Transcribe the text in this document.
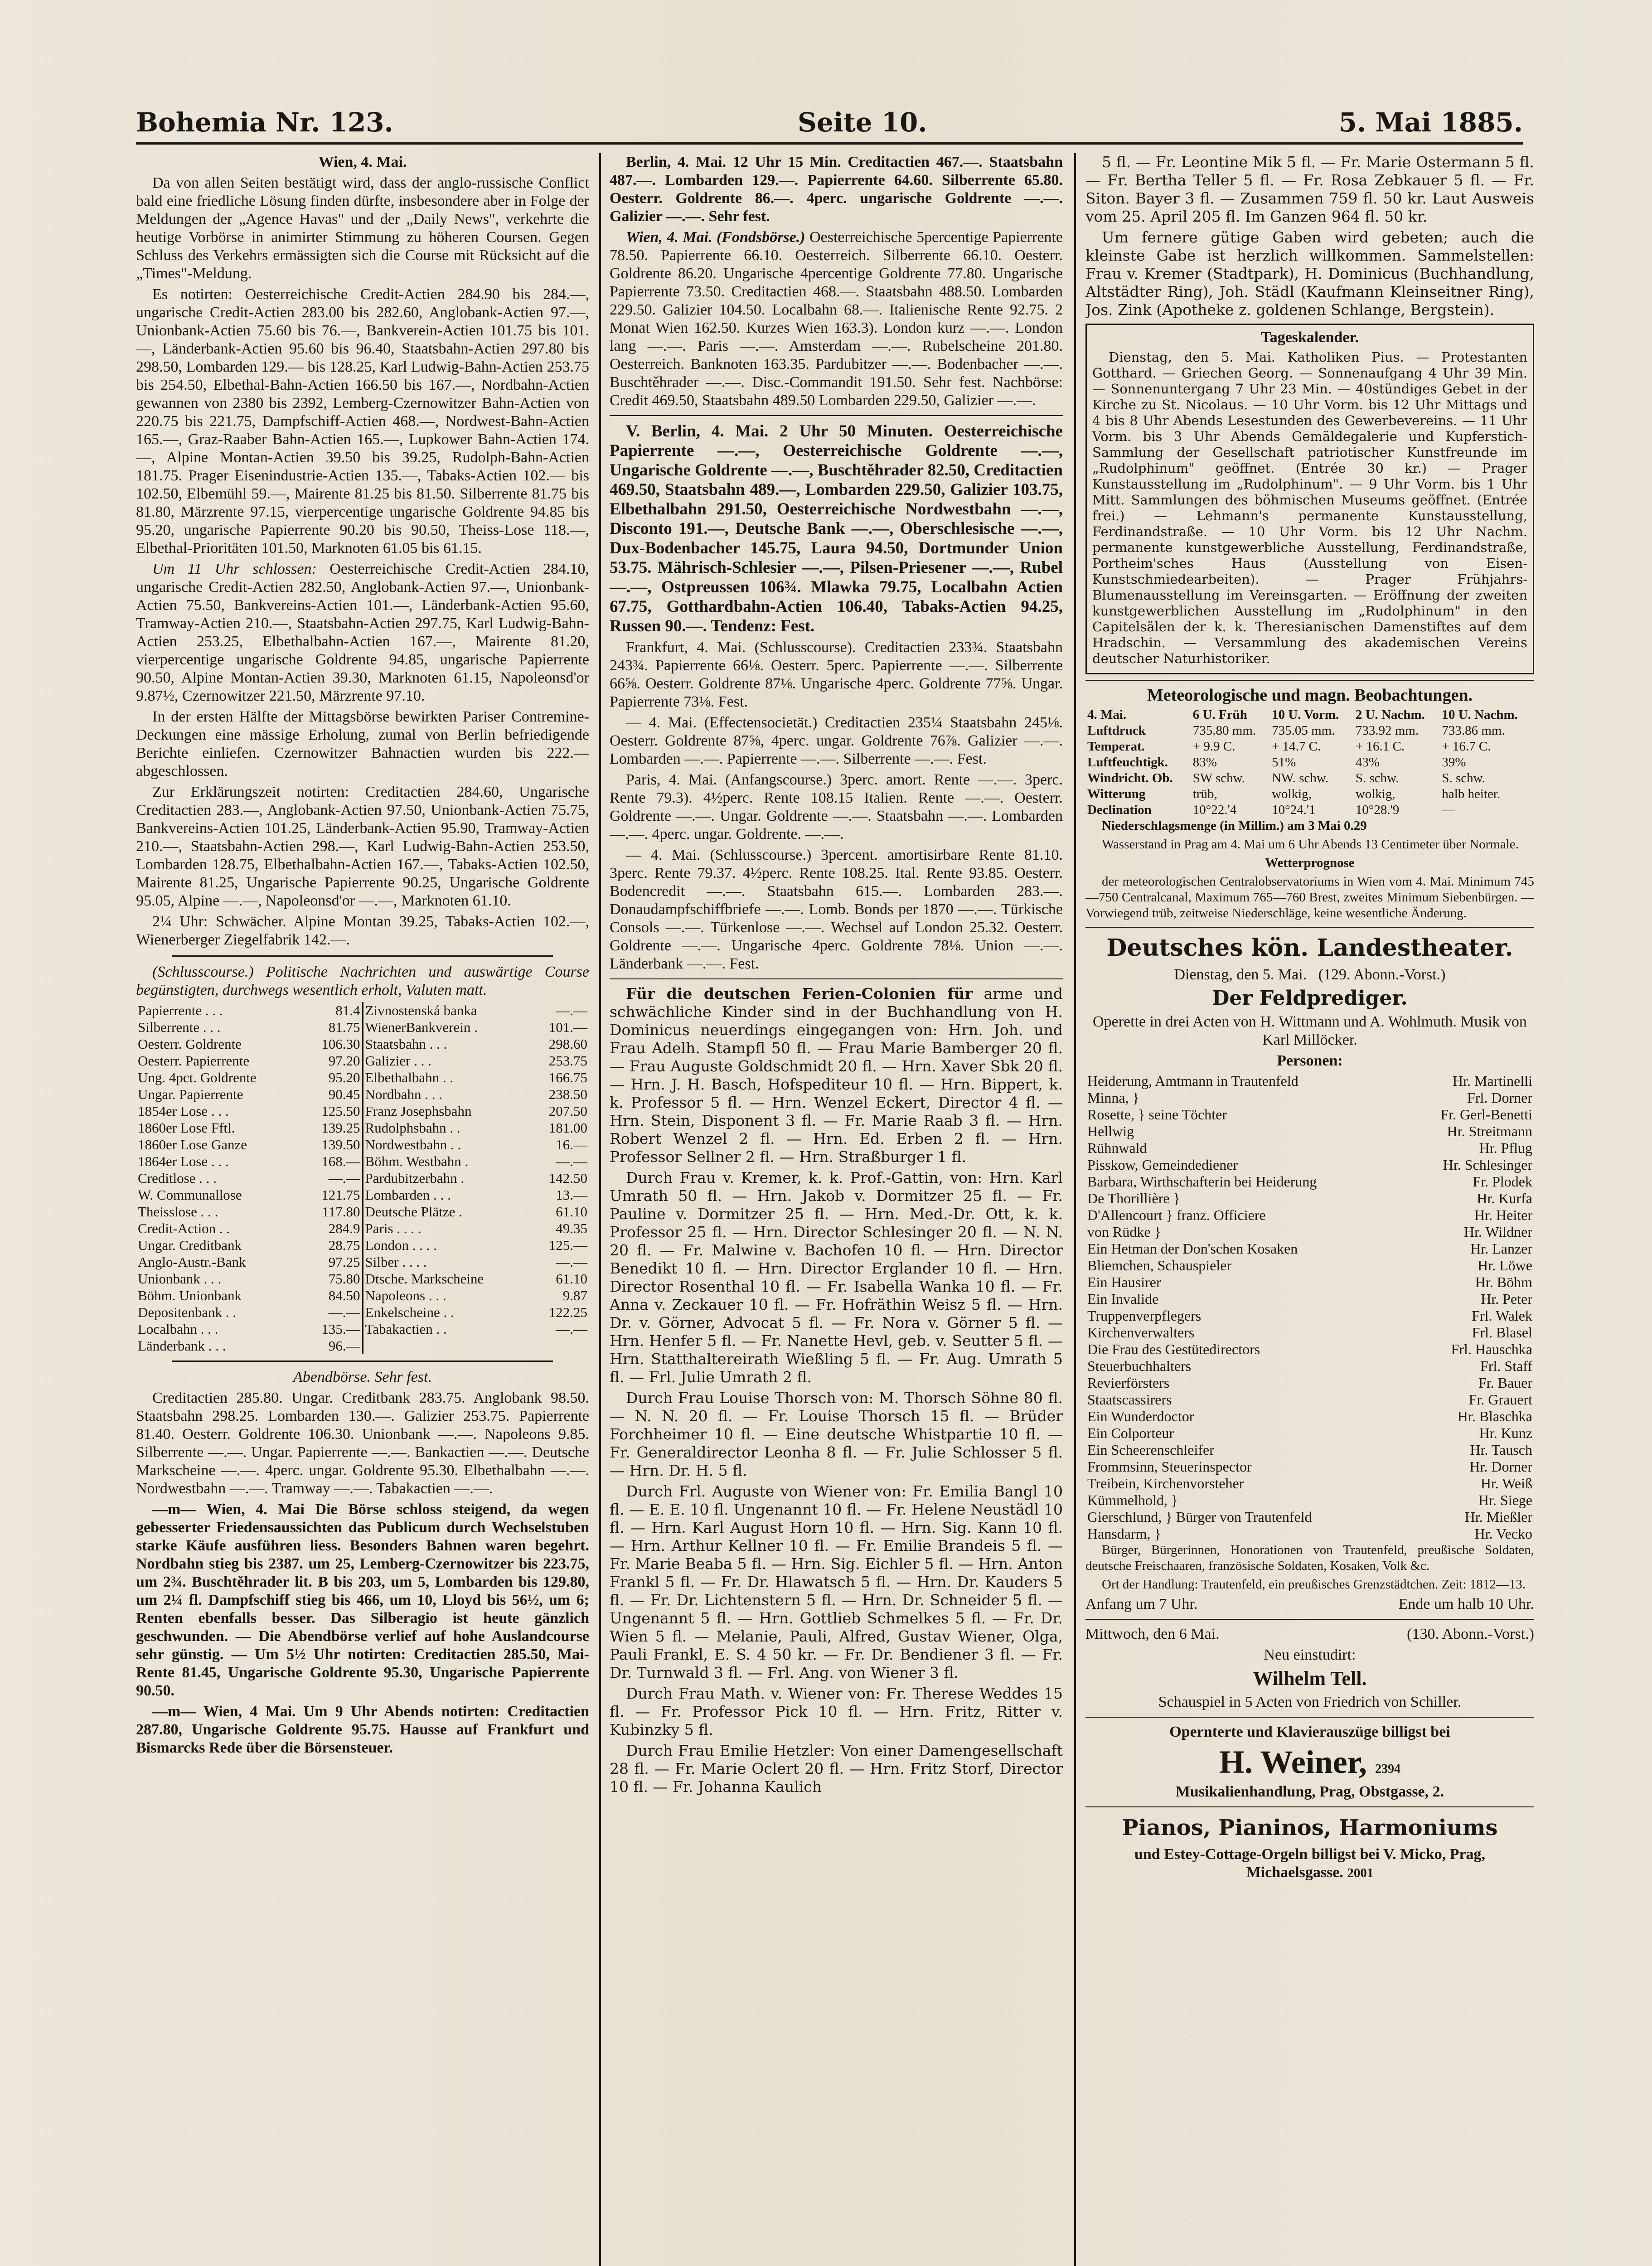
Bohemia Nr. 123.	Seite 10.	5. Mai 1885.

Wien, 4. Mai.

Da von allen Seiten bestätigt wird, dass der anglo-russische Conflict bald eine friedliche Lösung finden dürfte, insbesondere aber in Folge der Meldungen der „Agence Havas" und der „Daily News", verkehrte die heutige Vorbörse in animirter Stimmung zu höheren Coursen. Gegen Schluss des Verkehrs ermässigten sich die Course mit Rücksicht auf die „Times"-Meldung.

Es notirten: Oesterreichische Credit-Actien 284.90 bis 284.—, ungarische Credit-Actien 283.00 bis 282.60, Anglobank-Actien 97.—, Unionbank-Actien 75.60 bis 76.—, Bankverein-Actien 101.75 bis 101.—, Länderbank-Actien 95.60 bis 96.40, Staatsbahn-Actien 297.80 bis 298.50, Lombarden 129.— bis 128.25, Karl Ludwig-Bahn-Actien 253.75 bis 254.50, Elbethal-Bahn-Actien 166.50 bis 167.—, Nordbahn-Actien gewannen von 2380 bis 2392, Lemberg-Czernowitzer Bahn-Actien von 220.75 bis 221.75, Dampfschiff-Actien 468.—, Nordwest-Bahn-Actien 165.—, Graz-Raaber Bahn-Actien 165.—, Lupkower Bahn-Actien 174.—, Alpine Montan-Actien 39.50 bis 39.25, Rudolph-Bahn-Actien 181.75. Prager Eisenindustrie-Actien 135.—, Tabaks-Actien 102.— bis 102.50, Elbemühl 59.—, Mairente 81.25 bis 81.50. Silberrente 81.75 bis 81.80, Märzrente 97.15, vierpercentige ungarische Goldrente 94.85 bis 95.20, ungarische Papierrente 90.20 bis 90.50, Theiss-Lose 118.—, Elbethal-Prioritäten 101.50, Marknoten 61.05 bis 61.15.

Um 11 Uhr schlossen: Oesterreichische Credit-Actien 284.10, ungarische Credit-Actien 282.50, Anglobank-Actien 97.—, Unionbank-Actien 75.50, Bankvereins-Actien 101.—, Länderbank-Actien 95.60, Tramway-Actien 210.—, Staatsbahn-Actien 297.75, Karl Ludwig-Bahn-Actien 253.25, Elbethalbahn-Actien 167.—, Mairente 81.20, vierpercentige ungarische Goldrente 94.85, ungarische Papierrente 90.50, Alpine Montan-Actien 39.30, Marknoten 61.15, Napoleonsd'or 9.87½, Czernowitzer 221.50, Märzrente 97.10.

In der ersten Hälfte der Mittagsbörse bewirkten Pariser Contremine-Deckungen eine mässige Erholung, zumal von Berlin befriedigende Berichte einliefen. Czernowitzer Bahnactien wurden bis 222.— abgeschlossen.

Zur Erklärungszeit notirten: Creditactien 284.60, Ungarische Creditactien 283.—, Anglobank-Actien 97.50, Unionbank-Actien 75.75, Bankvereins-Actien 101.25, Länderbank-Actien 95.90, Tramway-Actien 210.—, Staatsbahn-Actien 298.—, Karl Ludwig-Bahn-Actien 253.50, Lombarden 128.75, Elbethalbahn-Actien 167.—, Tabaks-Actien 102.50, Mairente 81.25, Ungarische Papierrente 90.25, Ungarische Goldrente 95.05, Alpine —.—, Napoleonsd'or —.—, Marknoten 61.10.

2¼ Uhr: Schwächer. Alpine Montan 39.25, Tabaks-Actien 102.—, Wienerberger Ziegelfabrik 142.—.

(Schlusscourse.) Politische Nachrichten und auswärtige Course begünstigten, durchwegs wesentlich erholt, Valuten matt.

Papierrente . . .	81.4	Zivnostenská banka	—.—
Silberrente . . .	81.75	WienerBankverein .	101.—
Oesterr. Goldrente	106.30	Staatsbahn . . .	298.60
Oesterr. Papierrente	97.20	Galizier . . .	253.75
Ung. 4pct. Goldrente	95.20	Elbethalbahn . .	166.75
Ungar. Papierrente	90.45	Nordbahn . . .	238.50
1854er Lose . . .	125.50	Franz Josephsbahn	207.50
1860er Lose Fftl.	139.25	Rudolphsbahn . .	181.00
1860er Lose Ganze	139.50	Nordwestbahn . .	16.—
1864er Lose . . .	168.—	Böhm. Westbahn .	—.—
Creditlose . . .	—.—	Pardubitzerbahn .	142.50
W. Communallose	121.75	Lombarden . . .	13.—
Theisslose . . .	117.80	Deutsche Plätze .	61.10
Credit-Action . .	284.9	Paris . . . .	49.35
Ungar. Creditbank	28.75	London . . . .	125.—
Anglo-Austr.-Bank	97.25	Silber . . . .	—.—
Unionbank . . .	75.80	Dtsche. Markscheine	61.10
Böhm. Unionbank	84.50	Napoleons . . .	9.87
Depositenbank . .	—.—	Enkelscheine . .	122.25
Localbahn . . .	135.—	Tabakactien . .	—.—
Länderbank . . .	96.—		

Abendbörse. Sehr fest.

Creditactien 285.80. Ungar. Creditbank 283.75. Anglobank 98.50. Staatsbahn 298.25. Lombarden 130.—. Galizier 253.75. Papierrente 81.40. Oesterr. Goldrente 106.30. Unionbank —.—. Napoleons 9.85. Silberrente —.—. Ungar. Papierrente —.—. Bankactien —.—. Deutsche Markscheine —.—. 4perc. ungar. Goldrente 95.30. Elbethalbahn —.—. Nordwestbahn —.—. Tramway —.—. Tabakactien —.—.

—m— Wien, 4. Mai Die Börse schloss steigend, da wegen gebesserter Friedensaussichten das Publicum durch Wechselstuben starke Käufe ausführen liess. Besonders Bahnen waren begehrt. Nordbahn stieg bis 2387. um 25, Lemberg-Czernowitzer bis 223.75, um 2¾. Buschtěhrader lit. B bis 203, um 5, Lombarden bis 129.80, um 2¼ fl. Dampfschiff stieg bis 466, um 10, Lloyd bis 56½, um 6; Renten ebenfalls besser. Das Silberagio ist heute gänzlich geschwunden. — Die Abendbörse verlief auf hohe Auslandcourse sehr günstig. — Um 5½ Uhr notirten: Creditactien 285.50, Mai-Rente 81.45, Ungarische Goldrente 95.30, Ungarische Papierrente 90.50.

—m— Wien, 4 Mai. Um 9 Uhr Abends notirten: Creditactien 287.80, Ungarische Goldrente 95.75. Hausse auf Frankfurt und Bismarcks Rede über die Börsensteuer.

Berlin, 4. Mai. 12 Uhr 15 Min. Creditactien 467.—. Staatsbahn 487.—. Lombarden 129.—. Papierrente 64.60. Silberrente 65.80. Oesterr. Goldrente 86.—. 4perc. ungarische Goldrente —.—. Galizier —.—. Sehr fest.

Wien, 4. Mai. (Fondsbörse.) Oesterreichische 5percentige Papierrente 78.50. Papierrente 66.10. Oesterreich. Silberrente 66.10. Oesterr. Goldrente 86.20. Ungarische 4percentige Goldrente 77.80. Ungarische Papierrente 73.50. Creditactien 468.—. Staatsbahn 488.50. Lombarden 229.50. Galizier 104.50. Localbahn 68.—. Italienische Rente 92.75. 2 Monat Wien 162.50. Kurzes Wien 163.3). London kurz —.—. London lang —.—. Paris —.—. Amsterdam —.—. Rubelscheine 201.80. Oesterreich. Banknoten 163.35. Pardubitzer —.—. Bodenbacher —.—. Buschtěhrader —.—. Disc.-Commandit 191.50. Sehr fest. Nachbörse: Credit 469.50, Staatsbahn 489.50 Lombarden 229.50, Galizier —.—.

V. Berlin, 4. Mai. 2 Uhr 50 Minuten. Oesterreichische Papierrente —.—, Oesterreichische Goldrente —.—, Ungarische Goldrente —.—, Buschtěhrader 82.50, Creditactien 469.50, Staatsbahn 489.—, Lombarden 229.50, Galizier 103.75, Elbethalbahn 291.50, Oesterreichische Nordwestbahn —.—, Disconto 191.—, Deutsche Bank —.—, Oberschlesische —.—, Dux-Bodenbacher 145.75, Laura 94.50, Dortmunder Union 53.75. Mährisch-Schlesier —.—, Pilsen-Priesener —.—, Rubel —.—, Ostpreussen 106¾. Mlawka 79.75, Localbahn Actien 67.75, Gotthardbahn-Actien 106.40, Tabaks-Actien 94.25, Russen 90.—. Tendenz: Fest.

Frankfurt, 4. Mai. (Schlusscourse). Creditactien 233¾. Staatsbahn 243¾. Papierrente 66⅛. Oesterr. 5perc. Papierrente —.—. Silberrente 66⅝. Oesterr. Goldrente 87⅛. Ungarische 4perc. Goldrente 77⅝. Ungar. Papierrente 73⅛. Fest.

— 4. Mai. (Effectensocietät.) Creditactien 235¼ Staatsbahn 245⅛. Oesterr. Goldrente 87⅝, 4perc. ungar. Goldrente 76⅞. Galizier —.—. Lombarden —.—. Papierrente —.—. Silberrente —.—. Fest.

Paris, 4. Mai. (Anfangscourse.) 3perc. amort. Rente —.—. 3perc. Rente 79.3). 4½perc. Rente 108.15 Italien. Rente —.—. Oesterr. Goldrente —.—. Ungar. Goldrente —.—. Staatsbahn —.—. Lombarden —.—. 4perc. ungar. Goldrente. —.—.

— 4. Mai. (Schlusscourse.) 3percent. amortisirbare Rente 81.10. 3perc. Rente 79.37. 4½perc. Rente 108.25. Ital. Rente 93.85. Oesterr. Bodencredit —.—. Staatsbahn 615.—. Lombarden 283.—. Donaudampfschiffbriefe —.—. Lomb. Bonds per 1870 —.—. Türkische Consols —.—. Türkenlose —.—. Wechsel auf London 25.32. Oesterr. Goldrente —.—. Ungarische 4perc. Goldrente 78⅛. Union —.—. Länderbank —.—. Fest.

Für die deutschen Ferien-Colonien für arme und schwächliche Kinder sind in der Buchhandlung von H. Dominicus neuerdings eingegangen von: Hrn. Joh. und Frau Adelh. Stampfl 50 fl. — Frau Marie Bamberger 20 fl. — Frau Auguste Goldschmidt 20 fl. — Hrn. Xaver Sbk 20 fl. — Hrn. J. H. Basch, Hofspediteur 10 fl. — Hrn. Bippert, k. k. Professor 5 fl. — Hrn. Wenzel Eckert, Director 4 fl. — Hrn. Stein, Disponent 3 fl. — Fr. Marie Raab 3 fl. — Hrn. Robert Wenzel 2 fl. — Hrn. Ed. Erben 2 fl. — Hrn. Professor Sellner 2 fl. — Hrn. Straßburger 1 fl.

Durch Frau v. Kremer, k. k. Prof.-Gattin, von: Hrn. Karl Umrath 50 fl. — Hrn. Jakob v. Dormitzer 25 fl. — Fr. Pauline v. Dormitzer 25 fl. — Hrn. Med.-Dr. Ott, k. k. Professor 25 fl. — Hrn. Director Schlesinger 20 fl. — N. N. 20 fl. — Fr. Malwine v. Bachofen 10 fl. — Hrn. Director Benedikt 10 fl. — Hrn. Director Erglander 10 fl. — Hrn. Director Rosenthal 10 fl. — Fr. Isabella Wanka 10 fl. — Fr. Anna v. Zeckauer 10 fl. — Fr. Hofräthin Weisz 5 fl. — Hrn. Dr. v. Görner, Advocat 5 fl. — Fr. Nora v. Görner 5 fl. — Hrn. Henfer 5 fl. — Fr. Nanette Hevl, geb. v. Seutter 5 fl. — Hrn. Statthaltereirath Wießling 5 fl. — Fr. Aug. Umrath 5 fl. — Frl. Julie Umrath 2 fl.

Durch Frau Louise Thorsch von: M. Thorsch Söhne 80 fl. — N. N. 20 fl. — Fr. Louise Thorsch 15 fl. — Brüder Forchheimer 10 fl. — Eine deutsche Whistpartie 10 fl. — Fr. Generaldirector Leonha 8 fl. — Fr. Julie Schlosser 5 fl. — Hrn. Dr. H. 5 fl.

Durch Frl. Auguste von Wiener von: Fr. Emilia Bangl 10 fl. — E. E. 10 fl. Ungenannt 10 fl. — Fr. Helene Neustädl 10 fl. — Hrn. Karl August Horn 10 fl. — Hrn. Sig. Kann 10 fl. — Hrn. Arthur Kellner 10 fl. — Fr. Emilie Brandeis 5 fl. — Fr. Marie Beaba 5 fl. — Hrn. Sig. Eichler 5 fl. — Hrn. Anton Frankl 5 fl. — Fr. Dr. Hlawatsch 5 fl. — Hrn. Dr. Kauders 5 fl. — Fr. Dr. Lichtenstern 5 fl. — Hrn. Dr. Schneider 5 fl. — Ungenannt 5 fl. — Hrn. Gottlieb Schmelkes 5 fl. — Fr. Dr. Wien 5 fl. — Melanie, Pauli, Alfred, Gustav Wiener, Olga, Pauli Frankl, E. S. 4 50 kr. — Fr. Dr. Bendiener 3 fl. — Fr. Dr. Turnwald 3 fl. — Frl. Ang. von Wiener 3 fl.

Durch Frau Math. v. Wiener von: Fr. Therese Weddes 15 fl. — Fr. Professor Pick 10 fl. — Hrn. Fritz, Ritter v. Kubinzky 5 fl.

Durch Frau Emilie Hetzler: Von einer Damengesellschaft 28 fl. — Fr. Marie Oclert 20 fl. — Hrn. Fritz Storf, Director 10 fl. — Fr. Johanna Kaulich

5 fl. — Fr. Leontine Mik 5 fl. — Fr. Marie Ostermann 5 fl. — Fr. Bertha Teller 5 fl. — Fr. Rosa Zebkauer 5 fl. — Fr. Siton. Bayer 3 fl. — Zusammen 759 fl. 50 kr. Laut Ausweis vom 25. April 205 fl. Im Ganzen 964 fl. 50 kr.

Um fernere gütige Gaben wird gebeten; auch die kleinste Gabe ist herzlich willkommen. Sammelstellen: Frau v. Kremer (Stadtpark), H. Dominicus (Buchhandlung, Altstädter Ring), Joh. Städl (Kaufmann Kleinseitner Ring), Jos. Zink (Apotheke z. goldenen Schlange, Bergstein).

Tageskalender.

Dienstag, den 5. Mai. Katholiken Pius. — Protestanten Gotthard. — Griechen Georg. — Sonnenaufgang 4 Uhr 39 Min. — Sonnenuntergang 7 Uhr 23 Min. — 40stündiges Gebet in der Kirche zu St. Nicolaus. — 10 Uhr Vorm. bis 12 Uhr Mittags und 4 bis 8 Uhr Abends Lesestunden des Gewerbevereins. — 11 Uhr Vorm. bis 3 Uhr Abends Gemäldegalerie und Kupferstich-Sammlung der Gesellschaft patriotischer Kunstfreunde im „Rudolphinum" geöffnet. (Entrée 30 kr.) — Prager Kunstausstellung im „Rudolphinum". — 9 Uhr Vorm. bis 1 Uhr Mitt. Sammlungen des böhmischen Museums geöffnet. (Entrée frei.) — Lehmann's permanente Kunstausstellung, Ferdinandstraße. — 10 Uhr Vorm. bis 12 Uhr Nachm. permanente kunstgewerbliche Ausstellung, Ferdinandstraße, Portheim'sches Haus (Ausstellung von Eisen-Kunstschmiedearbeiten). — Prager Frühjahrs-Blumenausstellung im Vereinsgarten. — Eröffnung der zweiten kunstgewerblichen Ausstellung im „Rudolphinum" in den Capitelsälen der k. k. Theresianischen Damenstiftes auf dem Hradschin. — Versammlung des akademischen Vereins deutscher Naturhistoriker.

Meteorologische und magn. Beobachtungen.

4. Mai.	6 U. Früh	10 U. Vorm.	2 U. Nachm.	10 U. Nachm.
Luftdruck	735.80 mm.	735.05 mm.	733.92 mm.	733.86 mm.
Temperat.	+ 9.9 C.	+ 14.7 C.	+ 16.1 C.	+ 16.7 C.
Luftfeuchtigk.	83%	51%	43%	39%
Windricht. Ob.	SW schw.	NW. schw.	S. schw.	S. schw.
Witterung	trüb,	wolkig,	wolkig,	halb heiter.
Declination	10°22.'4	10°24.'1	10°28.'9	—

Niederschlagsmenge (in Millim.) am 3 Mai 0.29

Wasserstand in Prag am 4. Mai um 6 Uhr Abends 13 Centimeter über Normale.

Wetterprognose

der meteorologischen Centralobservatoriums in Wien vom 4. Mai. Minimum 745—750 Centralcanal, Maximum 765—760 Brest, zweites Minimum Siebenbürgen. — Vorwiegend trüb, zeitweise Niederschläge, keine wesentliche Änderung.

Deutsches kön. Landestheater.

Dienstag, den 5. Mai. (129. Abonn.-Vorst.)

Der Feldprediger.

Operette in drei Acten von H. Wittmann und A. Wohlmuth. Musik von Karl Millöcker.

Personen:

Heiderung, Amtmann in Trautenfeld	Hr. Martinelli
Minna, }	Frl. Dorner
Rosette, } seine Töchter	Fr. Gerl-Benetti
Hellwig	Hr. Streitmann
Rühnwald	Hr. Pflug
Pisskow, Gemeindediener	Hr. Schlesinger
Barbara, Wirthschafterin bei Heiderung	Fr. Plodek
De Thorillière }	Hr. Kurfa
D'Allencourt } franz. Officiere	Hr. Heiter
von Rüdke }	Hr. Wildner
Ein Hetman der Don'schen Kosaken	Hr. Lanzer
Bliemchen, Schauspieler	Hr. Löwe
Ein Hausirer	Hr. Böhm
Ein Invalide	Hr. Peter
Truppenverpflegers	Frl. Walek
Kirchenverwalters	Frl. Blasel
Die Frau des Gestütedirectors	Frl. Hauschka
Steuerbuchhalters	Frl. Staff
Revierförsters	Fr. Bauer
Staatscassirers	Fr. Grauert
Ein Wunderdoctor	Hr. Blaschka
Ein Colporteur	Hr. Kunz
Ein Scheerenschleifer	Hr. Tausch
Frommsinn, Steuerinspector	Hr. Dorner
Treibein, Kirchenvorsteher	Hr. Weiß
Kümmelhold, }	Hr. Siege
Gierschlund, } Bürger von Trautenfeld	Hr. Mießler
Hansdarm, }	Hr. Vecko

Bürger, Bürgerinnen, Honorationen von Trautenfeld, preußische Soldaten, deutsche Freischaaren, französische Soldaten, Kosaken, Volk &c.

Ort der Handlung: Trautenfeld, ein preußisches Grenzstädtchen. Zeit: 1812—13.

Anfang um 7 Uhr.	Ende um halb 10 Uhr.

Mittwoch, den 6 Mai.	(130. Abonn.-Vorst.)

Neu einstudirt:

Wilhelm Tell.

Schauspiel in 5 Acten von Friedrich von Schiller.

Opernterte und Klavierauszüge billigst bei

H. Weiner, 2394

Musikalienhandlung, Prag, Obstgasse, 2.

Pianos, Pianinos, Harmoniums

und Estey-Cottage-Orgeln billigst bei V. Micko, Prag, Michaelsgasse. 2001
